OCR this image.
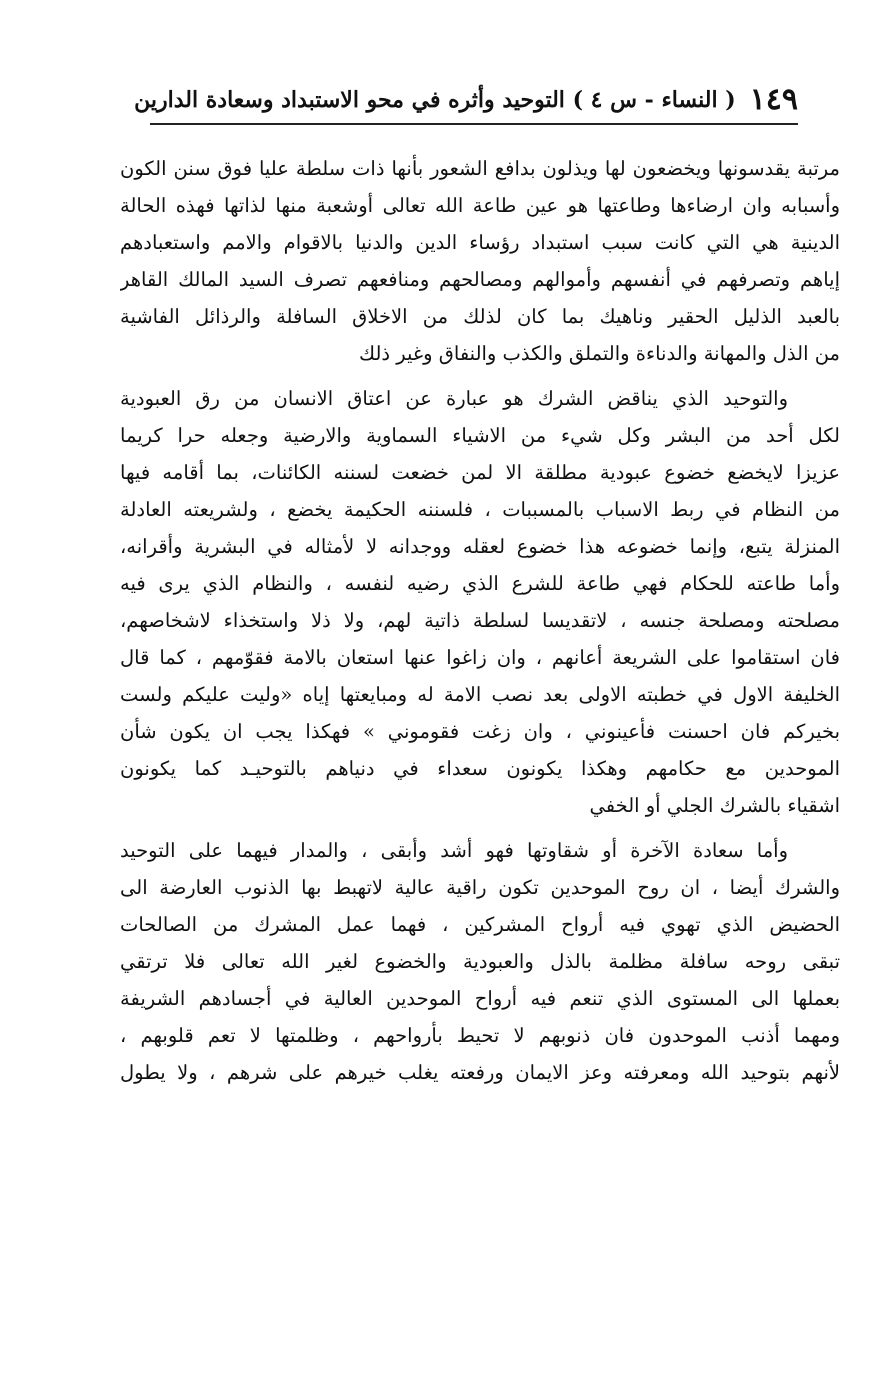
١٤٩
( النساء - س ٤ ) التوحيد وأثره في محو الاستبداد وسعادة الدارين
مرتبة يقدسونها ويخضعون لها ويذلون بدافع الشعور بأنها ذات سلطة عليا فوق سنن الكون
وأسبابه وان ارضاءها وطاعتها هو عين طاعة الله تعالى أوشعبة منها لذاتها فهذه الحالة
الدينية هي التي كانت سبب استبداد رؤساء الدين والدنيا بالاقوام والامم واستعبادهم
إياهم وتصرفهم في أنفسهم وأموالهم ومصالحهم ومنافعهم تصرف السيد المالك القاهر
بالعبد الذليل الحقير وناهيك بما كان لذلك من الاخلاق السافلة والرذائل الفاشية
من الذل والمهانة والدناءة والتملق والكذب والنفاق وغير ذلك
والتوحيد الذي يناقض الشرك هو عبارة عن اعتاق الانسان من رق العبودية
لكل أحد من البشر وكل شيء من الاشياء السماوية والارضية وجعله حرا كريما
عزيزا لايخضع خضوع عبودية مطلقة الا لمن خضعت لسننه الكائنات، بما أقامه فيها
من النظام في ربط الاسباب بالمسببات ، فلسننه الحكيمة يخضع ، ولشريعته العادلة
المنزلة يتبع، وإنما خضوعه هذا خضوع لعقله ووجدانه لا لأمثاله في البشرية وأقرانه،
وأما طاعته للحكام فهي طاعة للشرع الذي رضيه لنفسه ، والنظام الذي يرى فيه
مصلحته ومصلحة جنسه ، لاتقديسا لسلطة ذاتية لهم، ولا ذلا واستخذاء لاشخاصهم،
فان استقاموا على الشريعة أعانهم ، وان زاغوا عنها استعان بالامة فقوّمهم ، كما قال
الخليفة الاول في خطبته الاولى بعد نصب الامة له ومبايعتها إياه «وليت عليكم ولست
بخيركم فان احسنت فأعينوني ، وان زغت فقوموني » فهكذا يجب ان يكون شأن
الموحدين مع حكامهم وهكذا يكونون سعداء في دنياهم بالتوحيـد كما يكونون
اشقياء بالشرك الجلي أو الخفي
وأما سعادة الآخرة أو شقاوتها فهو أشد وأبقى ، والمدار فيهما على التوحيد
والشرك أيضا ، ان روح الموحدين تكون راقية عالية لاتهبط بها الذنوب العارضة الى
الحضيض الذي تهوي فيه أرواح المشركين ، فهما عمل المشرك من الصالحات
تبقى روحه سافلة مظلمة بالذل والعبودية والخضوع لغير الله تعالى فلا ترتقي
بعملها الى المستوى الذي تنعم فيه أرواح الموحدين العالية في أجسادهم الشريفة
ومهما أذنب الموحدون فان ذنوبهم لا تحيط بأرواحهم ، وظلمتها لا تعم قلوبهم ،
لأنهم بتوحيد الله ومعرفته وعز الايمان ورفعته يغلب خيرهم على شرهم ، ولا يطول
